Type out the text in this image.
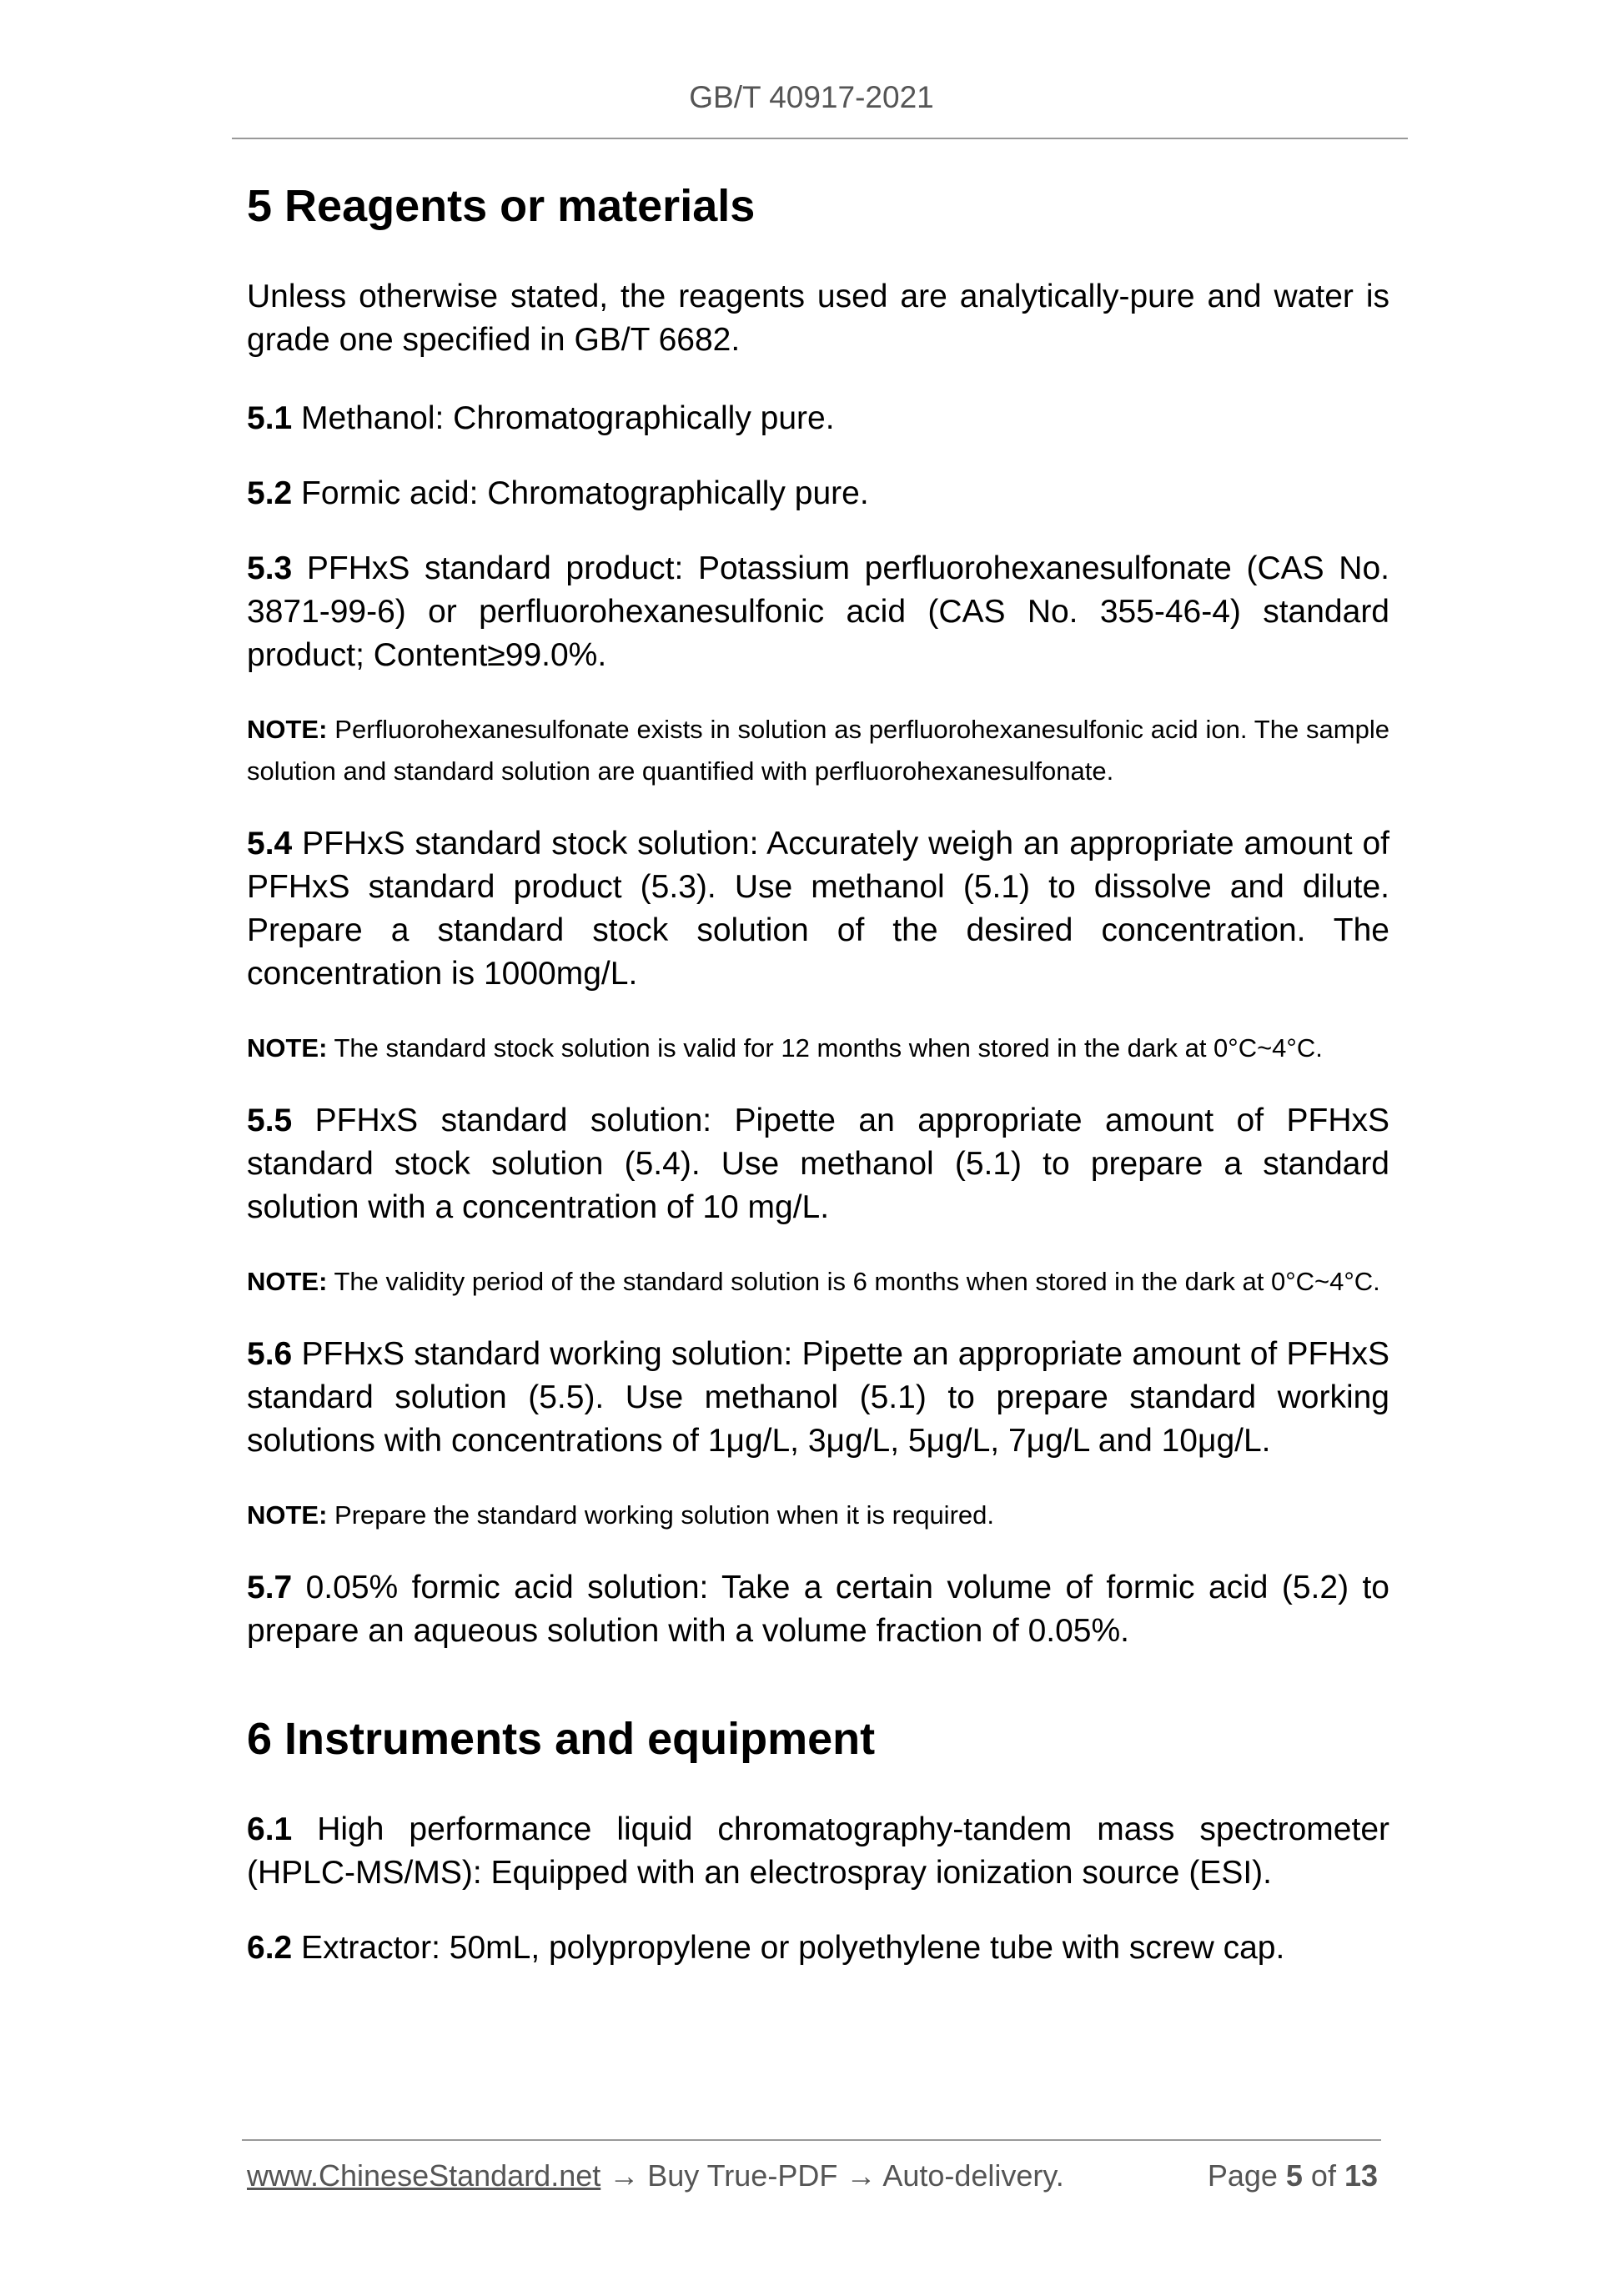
GB/T 40917-2021
5 Reagents or materials

Unless otherwise stated, the reagents used are analytically-pure and water is grade one specified in GB/T 6682.

5.1 Methanol: Chromatographically pure.

5.2 Formic acid: Chromatographically pure.

5.3 PFHxS standard product: Potassium perfluorohexanesulfonate (CAS No. 3871-99-6) or perfluorohexanesulfonic acid (CAS No. 355-46-4) standard product; Content≥99.0%.

NOTE: Perfluorohexanesulfonate exists in solution as perfluorohexanesulfonic acid ion. The sample solution and standard solution are quantified with perfluorohexanesulfonate.

5.4 PFHxS standard stock solution: Accurately weigh an appropriate amount of PFHxS standard product (5.3). Use methanol (5.1) to dissolve and dilute. Prepare a standard stock solution of the desired concentration. The concentration is 1000mg/L.

NOTE: The standard stock solution is valid for 12 months when stored in the dark at 0°C~4°C.

5.5 PFHxS standard solution: Pipette an appropriate amount of PFHxS standard stock solution (5.4). Use methanol (5.1) to prepare a standard solution with a concentration of 10 mg/L.

NOTE: The validity period of the standard solution is 6 months when stored in the dark at 0°C~4°C.

5.6 PFHxS standard working solution: Pipette an appropriate amount of PFHxS standard solution (5.5). Use methanol (5.1) to prepare standard working solutions with concentrations of 1μg/L, 3μg/L, 5μg/L, 7μg/L and 10μg/L.

NOTE: Prepare the standard working solution when it is required.

5.7 0.05% formic acid solution: Take a certain volume of formic acid (5.2) to prepare an aqueous solution with a volume fraction of 0.05%.

6 Instruments and equipment

6.1 High performance liquid chromatography-tandem mass spectrometer (HPLC-MS/MS): Equipped with an electrospray ionization source (ESI).

6.2 Extractor: 50mL, polypropylene or polyethylene tube with screw cap.

www.ChineseStandard.net → Buy True-PDF → Auto-delivery.	Page 5 of 13
